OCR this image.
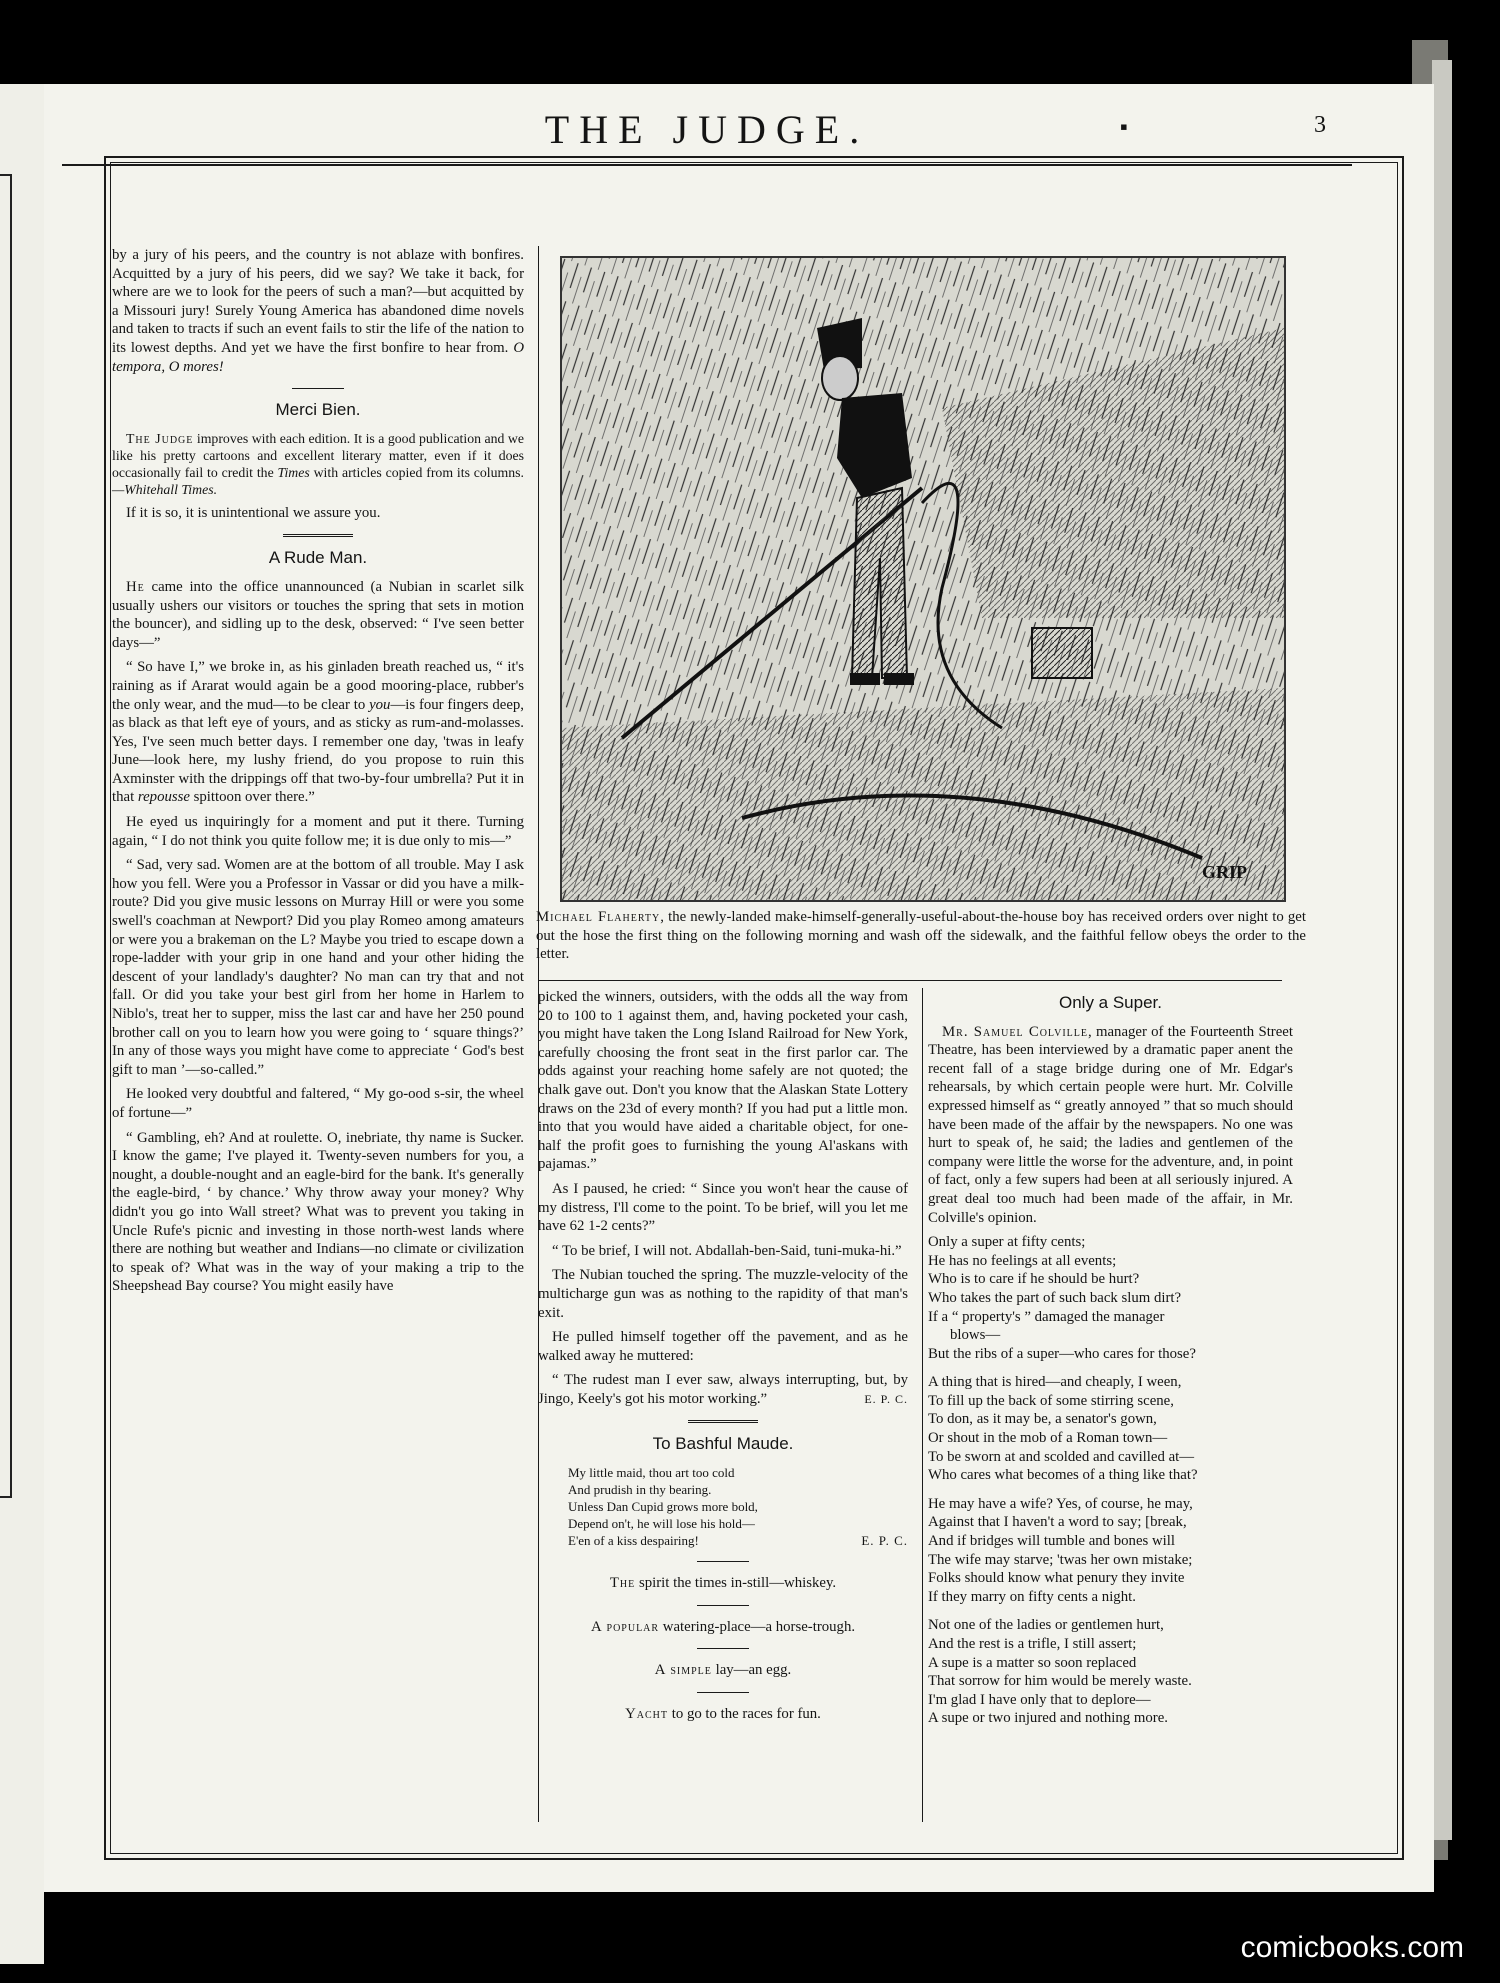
▪
THE JUDGE.	3

by a jury of his peers, and the country is not ablaze with bonfires. Acquitted by a jury of his peers, did we say? We take it back, for where are we to look for the peers of such a man?—but acquitted by a Missouri jury! Surely Young America has abandoned dime novels and taken to tracts if such an event fails to stir the life of the nation to its lowest depths. And yet we have the first bonfire to hear from. O tempora, O mores!

Merci Bien.

The Judge improves with each edition. It is a good publication and we like his pretty cartoons and excellent literary matter, even if it does occasionally fail to credit the Times with articles copied from its columns. —Whitehall Times.

If it is so, it is unintentional we assure you.

A Rude Man.

He came into the office unannounced (a Nubian in scarlet silk usually ushers our visitors or touches the spring that sets in motion the bouncer), and sidling up to the desk, observed: “ I've seen better days—”

“ So have I,” we broke in, as his ginladen breath reached us, “ it's raining as if Ararat would again be a good mooring-place, rubber's the only wear, and the mud—to be clear to you—is four fingers deep, as black as that left eye of yours, and as sticky as rum-and-molasses. Yes, I've seen much better days. I remember one day, 'twas in leafy June—look here, my lushy friend, do you propose to ruin this Axminster with the drippings off that two-by-four umbrella? Put it in that repousse spittoon over there.”

He eyed us inquiringly for a moment and put it there. Turning again, “ I do not think you quite follow me; it is due only to mis—”

“ Sad, very sad. Women are at the bottom of all trouble. May I ask how you fell. Were you a Professor in Vassar or did you have a milk-route? Did you give music lessons on Murray Hill or were you some swell's coachman at Newport? Did you play Romeo among amateurs or were you a brakeman on the L? Maybe you tried to escape down a rope-ladder with your grip in one hand and your other hiding the descent of your landlady's daughter? No man can try that and not fall. Or did you take your best girl from her home in Harlem to Niblo's, treat her to supper, miss the last car and have her 250 pound brother call on you to learn how you were going to ‘ square things?’ In any of those ways you might have come to appreciate ‘ God's best gift to man ’—so-called.”

He looked very doubtful and faltered, “ My go-ood s-sir, the wheel of fortune—”

“ Gambling, eh? And at roulette. O, inebriate, thy name is Sucker. I know the game; I've played it. Twenty-seven numbers for you, a nought, a double-nought and an eagle-bird for the bank. It's generally the eagle-bird, ‘ by chance.’ Why throw away your money? Why didn't you go into Wall street? What was to prevent you taking in Uncle Rufe's picnic and investing in those north-west lands where there are nothing but weather and Indians—no climate or civilization to speak of? What was in the way of your making a trip to the Sheepshead Bay course? You might easily have

GRIP
Michael Flaherty, the newly-landed make-himself-generally-useful-about-the-house boy has received orders over night to get out the hose the first thing on the following morning and wash off the sidewalk, and the faithful fellow obeys the order to the letter.

picked the winners, outsiders, with the odds all the way from 20 to 100 to 1 against them, and, having pocketed your cash, you might have taken the Long Island Railroad for New York, carefully choosing the front seat in the first parlor car. The odds against your reaching home safely are not quoted; the chalk gave out. Don't you know that the Alaskan State Lottery draws on the 23d of every month? If you had put a little mon. into that you would have aided a charitable object, for one-half the profit goes to furnishing the young Al'askans with pajamas.”

As I paused, he cried: “ Since you won't hear the cause of my distress, I'll come to the point. To be brief, will you let me have 62 1-2 cents?”

“ To be brief, I will not. Abdallah-ben-Said, tuni-muka-hi.”

The Nubian touched the spring. The muzzle-velocity of the multicharge gun was as nothing to the rapidity of that man's exit.

He pulled himself together off the pavement, and as he walked away he muttered:

“ The rudest man I ever saw, always interrupting, but, by Jingo, Keely's got his motor working.”	E. P. C.

To Bashful Maude.
My little maid, thou art too cold
And prudish in thy bearing.
Unless Dan Cupid grows more bold,
Depend on't, he will lose his hold—
E'en of a kiss despairing!	E. P. C.

The spirit the times in-still—whiskey.

A popular watering-place—a horse-trough.

A simple lay—an egg.

Yacht to go to the races for fun.

Only a Super.

Mr. Samuel Colville, manager of the Fourteenth Street Theatre, has been interviewed by a dramatic paper anent the recent fall of a stage bridge during one of Mr. Edgar's rehearsals, by which certain people were hurt. Mr. Colville expressed himself as “ greatly annoyed ” that so much should have been made of the affair by the newspapers. No one was hurt to speak of, he said; the ladies and gentlemen of the company were little the worse for the adventure, and, in point of fact, only a few supers had been at all seriously injured. A great deal too much had been made of the affair, in Mr. Colville's opinion.

Only a super at fifty cents;

He has no feelings at all events;

Who is to care if he should be hurt?

Who takes the part of such back slum dirt?

If a “ property's ” damaged the manager

blows—

But the ribs of a super—who cares for those?

A thing that is hired—and cheaply, I ween,

To fill up the back of some stirring scene,

To don, as it may be, a senator's gown,

Or shout in the mob of a Roman town—

To be sworn at and scolded and cavilled at—

Who cares what becomes of a thing like that?

He may have a wife? Yes, of course, he may,

Against that I haven't a word to say; [break,

And if bridges will tumble and bones will

The wife may starve; 'twas her own mistake;

Folks should know what penury they invite

If they marry on fifty cents a night.

Not one of the ladies or gentlemen hurt,

And the rest is a trifle, I still assert;

A supe is a matter so soon replaced

That sorrow for him would be merely waste.

I'm glad I have only that to deplore—

A supe or two injured and nothing more.

comicbooks.com
